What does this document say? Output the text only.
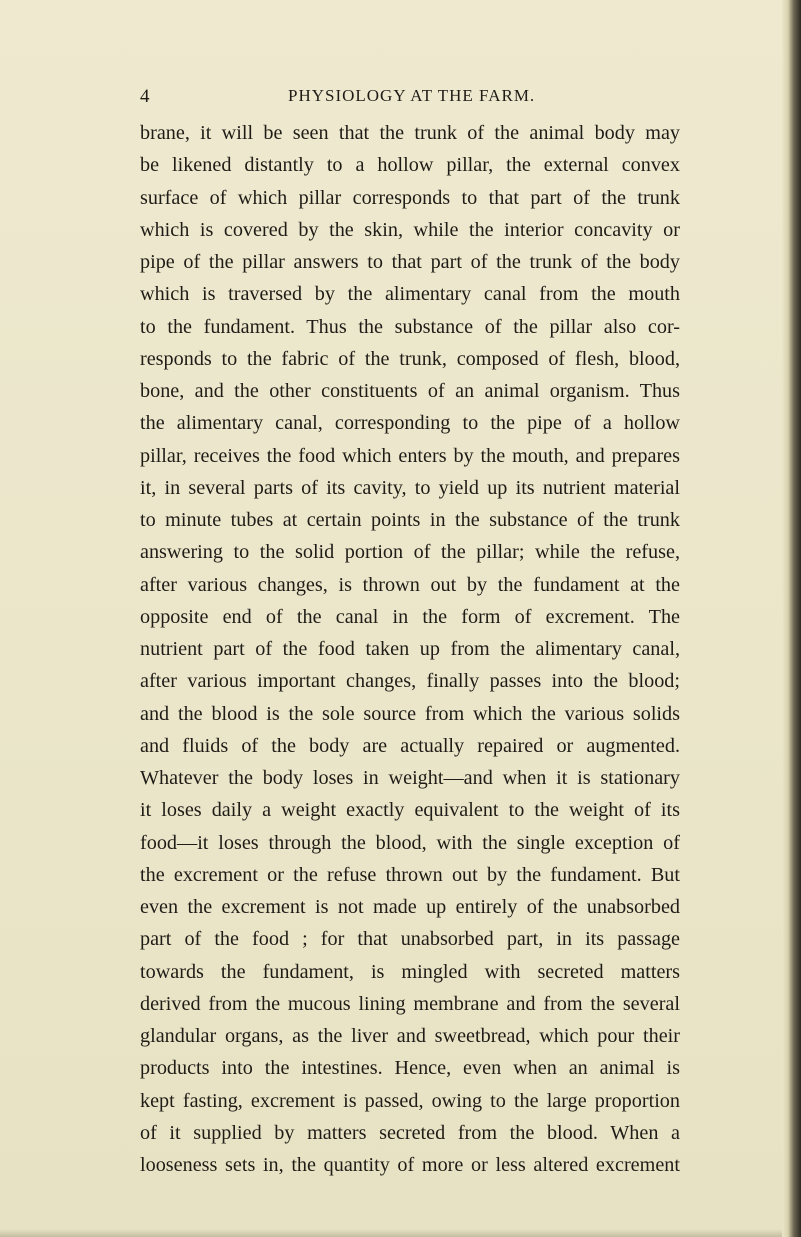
4	PHYSIOLOGY AT THE FARM.
brane, it will be seen that the trunk of the animal body may
be likened distantly to a hollow pillar, the external convex
surface of which pillar corresponds to that part of the trunk
which is covered by the skin, while the interior concavity or
pipe of the pillar answers to that part of the trunk of the body
which is traversed by the alimentary canal from the mouth
to the fundament. Thus the substance of the pillar also cor-
responds to the fabric of the trunk, composed of flesh, blood,
bone, and the other constituents of an animal organism. Thus
the alimentary canal, corresponding to the pipe of a hollow
pillar, receives the food which enters by the mouth, and prepares
it, in several parts of its cavity, to yield up its nutrient material
to minute tubes at certain points in the substance of the trunk
answering to the solid portion of the pillar; while the refuse,
after various changes, is thrown out by the fundament at the
opposite end of the canal in the form of excrement. The
nutrient part of the food taken up from the alimentary canal,
after various important changes, finally passes into the blood;
and the blood is the sole source from which the various solids
and fluids of the body are actually repaired or augmented.
Whatever the body loses in weight—and when it is stationary
it loses daily a weight exactly equivalent to the weight of its
food—it loses through the blood, with the single exception of
the excrement or the refuse thrown out by the fundament. But
even the excrement is not made up entirely of the unabsorbed
part of the food ; for that unabsorbed part, in its passage
towards the fundament, is mingled with secreted matters
derived from the mucous lining membrane and from the several
glandular organs, as the liver and sweetbread, which pour their
products into the intestines. Hence, even when an animal is
kept fasting, excrement is passed, owing to the large proportion
of it supplied by matters secreted from the blood. When a
looseness sets in, the quantity of more or less altered excrement
